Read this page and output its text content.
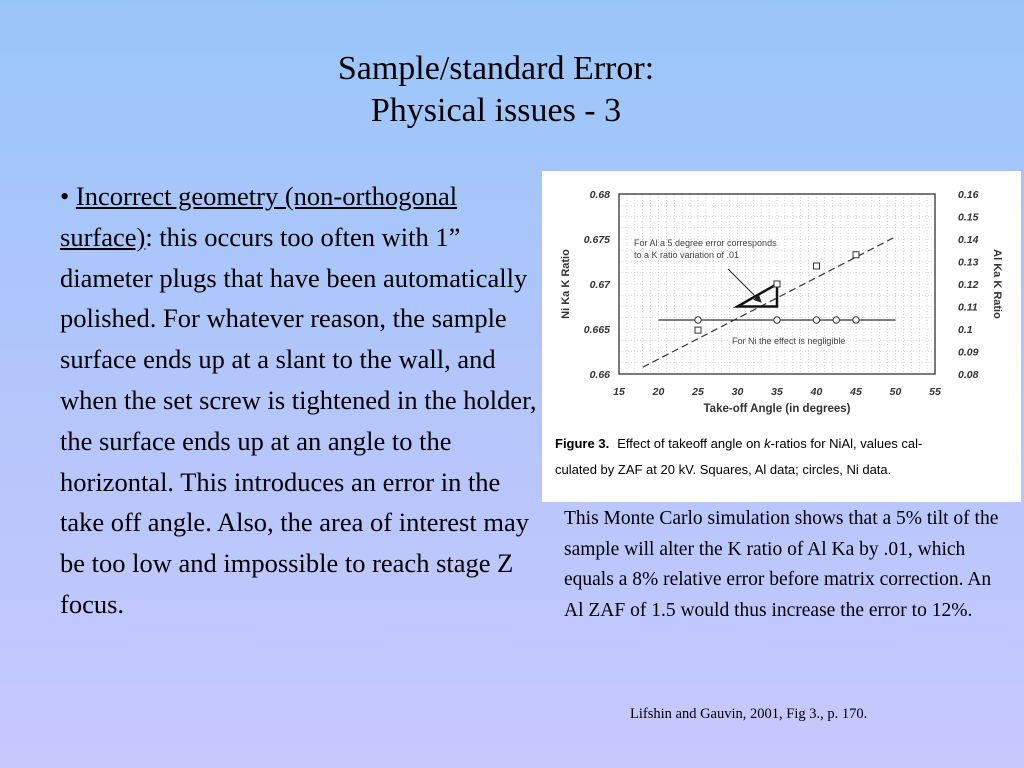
Sample/standard Error:
Physical issues - 3
• Incorrect geometry (non-orthogonal surface): this occurs too often with 1” diameter plugs that have been automatically polished. For whatever reason, the sample surface ends up at a slant to the wall, and when the set screw is tightened in the holder, the surface ends up at an angle to the horizontal. This introduces an error in the take off angle. Also, the area of interest may be too low and impossible to reach stage Z focus.
15	20	25	30	35	40	45	50	55
0.66
0.665
0.67
0.675
0.68
0.08
0.09
0.1
0.11
0.12
0.13
0.14
0.15
0.16
Ni Ka K Ratio	Al Ka K Ratio
Take-off Angle (in degrees)
For Al a 5 degree error corresponds
to a K ratio variation of .01
For Ni the effect is negligible
Figure 3. Effect of takeoff angle on k-ratios for NiAl, values cal-
culated by ZAF at 20 kV. Squares, Al data; circles, Ni data.
This Monte Carlo simulation shows that a 5% tilt of the sample will alter the K ratio of Al Ka by .01, which equals a 8% relative error before matrix correction. An Al ZAF of 1.5 would thus increase the error to 12%.
Lifshin and Gauvin, 2001, Fig 3., p. 170.
